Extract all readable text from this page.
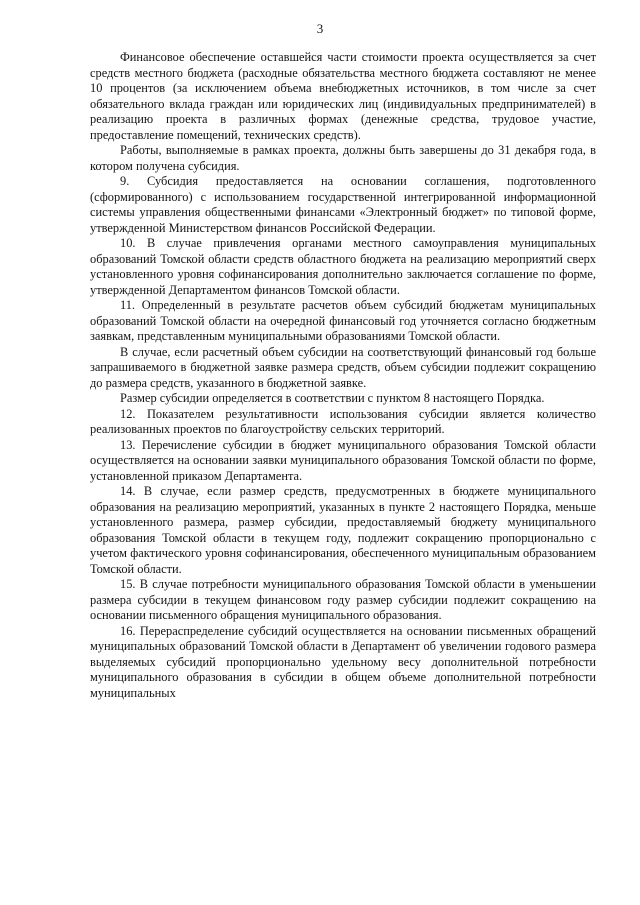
3

Финансовое обеспечение оставшейся части стоимости проекта осуществляется за счет средств местного бюджета (расходные обязательства местного бюджета составляют не менее 10 процентов (за исключением объема внебюджетных источников, в том числе за счет обязательного вклада граждан или юридических лиц (индивидуальных предпринимателей) в реализацию проекта в различных формах (денежные средства, трудовое участие, предоставление помещений, технических средств).

Работы, выполняемые в рамках проекта, должны быть завершены до 31 декабря года, в котором получена субсидия.

9. Субсидия предоставляется на основании соглашения, подготовленного (сформированного) с использованием государственной интегрированной информационной системы управления общественными финансами «Электронный бюджет» по типовой форме, утвержденной Министерством финансов Российской Федерации.

10. В случае привлечения органами местного самоуправления муниципальных образований Томской области средств областного бюджета на реализацию мероприятий сверх установленного уровня софинансирования дополнительно заключается соглашение по форме, утвержденной Департаментом финансов Томской области.

11. Определенный в результате расчетов объем субсидий бюджетам муниципальных образований Томской области на очередной финансовый год уточняется согласно бюджетным заявкам, представленным муниципальными образованиями Томской области.

В случае, если расчетный объем субсидии на соответствующий финансовый год больше запрашиваемого в бюджетной заявке размера средств, объем субсидии подлежит сокращению до размера средств, указанного в бюджетной заявке.

Размер субсидии определяется в соответствии с пунктом 8 настоящего Порядка.

12. Показателем результативности использования субсидии является количество реализованных проектов по благоустройству сельских территорий.

13. Перечисление субсидии в бюджет муниципального образования Томской области осуществляется на основании заявки муниципального образования Томской области по форме, установленной приказом Департамента.

14. В случае, если размер средств, предусмотренных в бюджете муниципального образования на реализацию мероприятий, указанных в пункте 2 настоящего Порядка, меньше установленного размера, размер субсидии, предоставляемый бюджету муниципального образования Томской области в текущем году, подлежит сокращению пропорционально с учетом фактического уровня софинансирования, обеспеченного муниципальным образованием Томской области.

15. В случае потребности муниципального образования Томской области в уменьшении размера субсидии в текущем финансовом году размер субсидии подлежит сокращению на основании письменного обращения муниципального образования.

16. Перераспределение субсидий осуществляется на основании письменных обращений муниципальных образований Томской области в Департамент об увеличении годового размера выделяемых субсидий пропорционально удельному весу дополнительной потребности муниципального образования в субсидии в общем объеме дополнительной потребности муниципальных
